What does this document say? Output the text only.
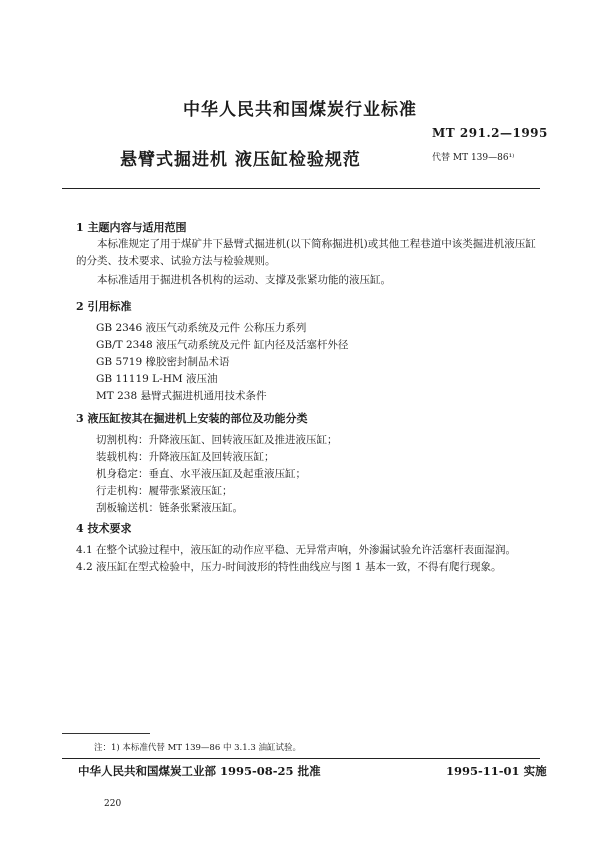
中华人民共和国煤炭行业标准
MT 291.2—1995
悬臂式掘进机 液压缸检验规范	代替 MT 139—86¹⁾
1 主题内容与适用范围
本标准规定了用于煤矿井下悬臂式掘进机(以下简称掘进机)或其他工程巷道中该类掘进机液压缸的分类、技术要求、试验方法与检验规则。
本标准适用于掘进机各机构的运动、支撑及张紧功能的液压缸。
2 引用标准
GB 2346 液压气动系统及元件 公称压力系列
GB/T 2348 液压气动系统及元件 缸内径及活塞杆外径
GB 5719 橡胶密封制品术语
GB 11119 L-HM 液压油
MT 238 悬臂式掘进机通用技术条件
3 液压缸按其在掘进机上安装的部位及功能分类
切割机构：升降液压缸、回转液压缸及推进液压缸；
装载机构：升降液压缸及回转液压缸；
机身稳定：垂直、水平液压缸及起重液压缸；
行走机构：履带张紧液压缸；
刮板输送机：链条张紧液压缸。
4 技术要求
4.1 在整个试验过程中，液压缸的动作应平稳、无异常声响，外渗漏试验允许活塞杆表面湿润。
4.2 液压缸在型式检验中，压力-时间波形的特性曲线应与图 1 基本一致，不得有爬行现象。
注：1) 本标准代替 MT 139—86 中 3.1.3 油缸试验。
中华人民共和国煤炭工业部 1995-08-25 批准	1995-11-01 实施
220
